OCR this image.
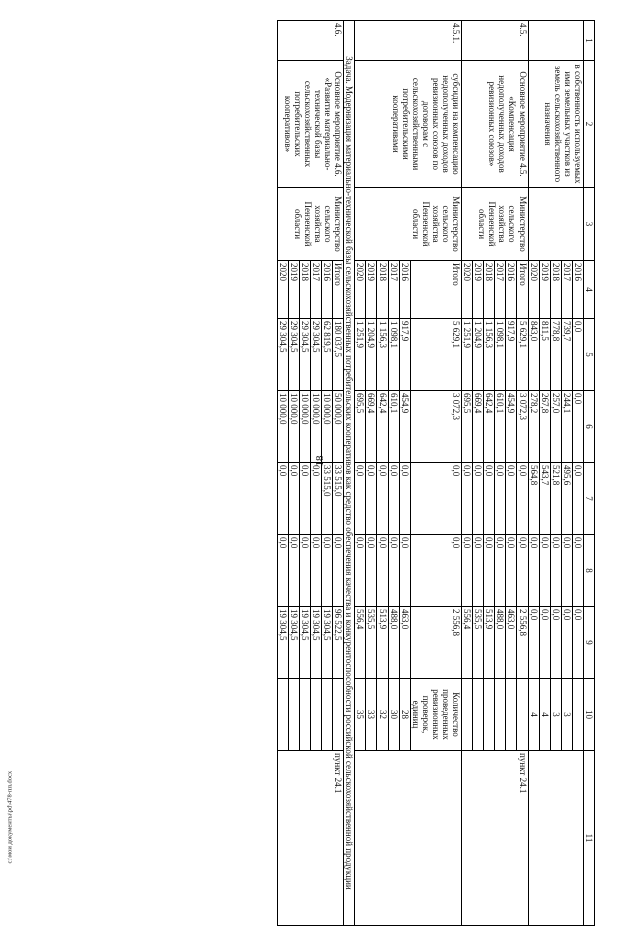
18
c:\мои документы\pd\478-пп.docx
1	2	3	4	5	6	7	8	9	10	11
	в собственность используемых ими земельных участков из земель сельскохозяйственного назначения		2016	0,0	0,0	0,0	0,0	0,0		
			2017	739,7	244,1	495,6	0,0	0,0	3	
			2018	778,8	257,0	521,8	0,0	0,0	3	
			2019	811,5	267,8	543,7	0,0	0,0	4	
			2020	843,0	278,2	564,8	0,0	0,0	4	
4.5.	Основное мероприятие 4.5. «Компенсация недополученных доходов ревизионных союзов»	Министерство сельского хозяйства Пензенской области	Итого	5 629,1	3 072,3	0,0	0,0	2 556,8		пункт 24.1
			2016	917,9	454,9	0,0	0,0	463,0		
			2017	1 098,1	610,1	0,0	0,0	488,0		
			2018	1 156,3	642,4	0,0	0,0	513,9		
			2019	1 204,9	669,4	0,0	0,0	535,5		
			2020	1 251,9	695,5	0,0	0,0	556,4		
4.5.1.	субсидии на компенсацию недополученных доходов ревизионных союзов по договорам с сельскохозяйственными потребительскими кооперативами	Министерство сельского хозяйства Пензенской области	Итого	5 629,1	3 072,3	0,0	0,0	2 556,8	Количество проведенных ревизионных проверок, единиц	
			2016	917,9	454,9	0,0	0,0	463,0	28	
			2017	1 098,1	610,1	0,0	0,0	488,0	30	
			2018	1 156,3	642,4	0,0	0,0	513,9	32	
			2019	1 204,9	669,4	0,0	0,0	535,5	33	
			2020	1 251,9	695,5	0,0	0,0	556,4	35	
Задача. Модернизация материально-технической базы сельскохозяйственных потребительских кооперативов как средство обеспечения качества и конкурентоспособности российской сельскохозяйственной продукции										
4.6.	Основное мероприятие 4.6. «Развитие материально-технической базы сельскохозяйственных потребительских кооперативов»	Министерство сельского хозяйства Пензенской области	Итого	180 037,5	50 000,0	33 515,0	0,0	96 522,5		пункт 24.1
			2016	62 819,5	10 000,0	33 515,0	0,0	19 304,5		
			2017	29 304,5	10 000,0	0,0	0,0	19 304,5		
			2018	29 304,5	10 000,0	0,0	0,0	19 304,5		
			2019	29 304,5	10 000,0	0,0	0,0	19 304,5		
			2020	29 304,5	10 000,0	0,0	0,0	19 304,5		
